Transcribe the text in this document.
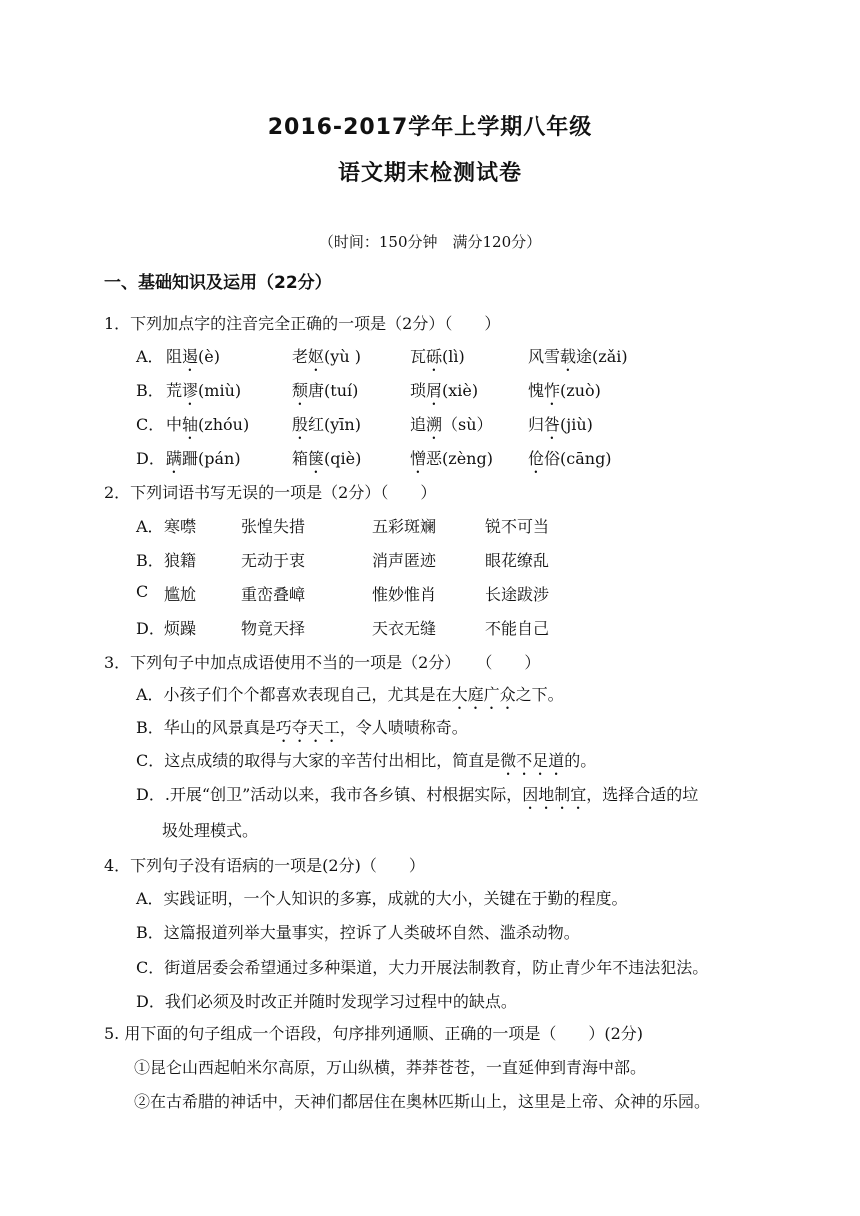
2016-2017学年上学期八年级
语文期末检测试卷
（时间：150分钟　满分120分）
一、基础知识及运用（22分）
1．下列加点字的注音完全正确的一项是（2分）（　　）
A． 阻遏(è)	老妪(yù )	瓦砾(lì)	风雪载途(zǎi)
B． 荒谬(miù)	颓唐(tuí)	琐屑(xiè)	愧怍(zuò)
C． 中轴(zhóu)	殷红(yīn)	追溯（sù） 归咎(jiù)
D． 蹒跚(pán)	箱箧(qiè)	憎恶(zèng) 伧俗(cāng)
2．下列词语书写无误的一项是（2分）（　　）
A． 寒噤	张惶失措	五彩斑斓	锐不可当
B． 狼籍	无动于衷	消声匿迹	眼花缭乱
C 尴尬	重峦叠嶂	惟妙惟肖	长途跋涉
D． 烦躁	物竟天择	天衣无缝	不能自己
3．下列句子中加点成语使用不当的一项是（2分）　　（　　）
A．小孩子们个个都喜欢表现自己，尤其是在大庭广众之下。
B．华山的风景真是巧夺天工，令人啧啧称奇。
C．这点成绩的取得与大家的辛苦付出相比，简直是微不足道的。
D．.开展“创卫”活动以来，我市各乡镇、村根据实际，因地制宜，选择合适的垃
圾处理模式。
4．下列句子没有语病的一项是(2分)（　　）
A．实践证明，一个人知识的多寡，成就的大小，关键在于勤的程度。
B．这篇报道列举大量事实，控诉了人类破坏自然、滥杀动物。
C．街道居委会希望通过多种渠道，大力开展法制教育，防止青少年不违法犯法。
D．我们必须及时改正并随时发现学习过程中的缺点。
5. 用下面的句子组成一个语段，句序排列通顺、正确的一项是（　　）(2分)
①昆仑山西起帕米尔高原，万山纵横，莽莽苍苍，一直延伸到青海中部。
②在古希腊的神话中，天神们都居住在奥林匹斯山上，这里是上帝、众神的乐园。
